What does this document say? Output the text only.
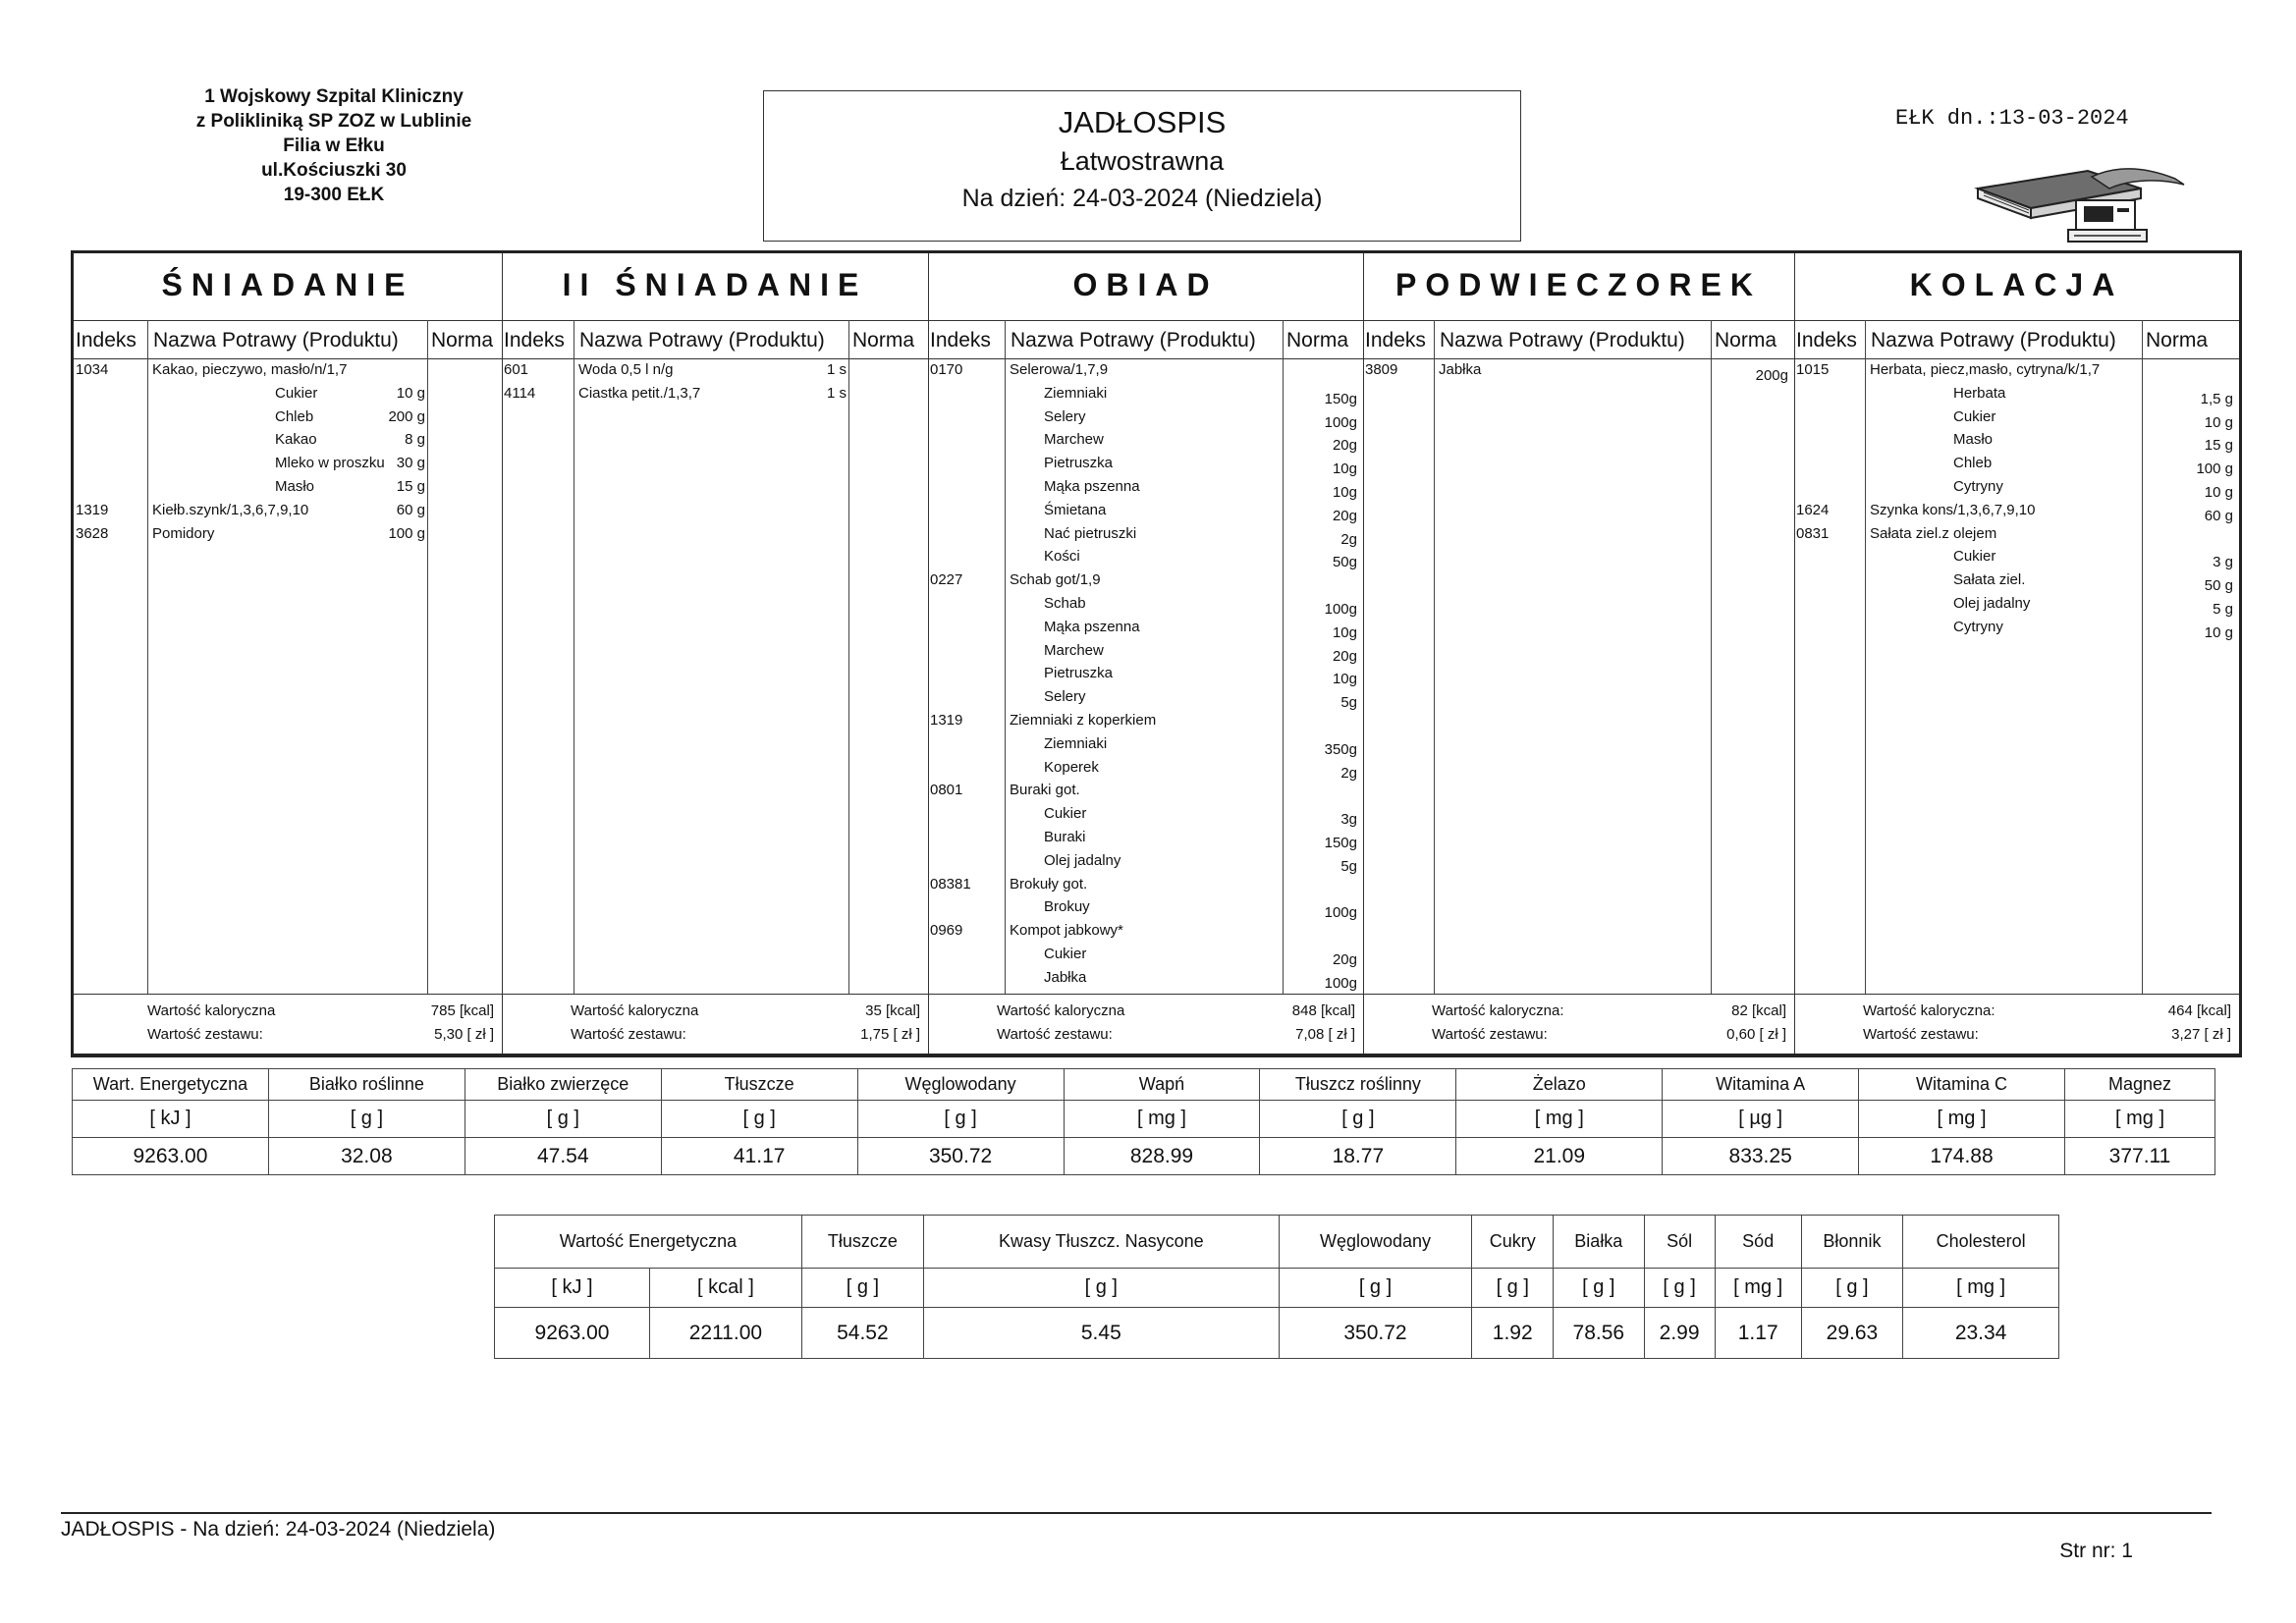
1 Wojskowy Szpital Kliniczny
z Polikliniką SP ZOZ w Lublinie
Filia w Ełku
ul.Kościuszki 30
19-300 EŁK
JADŁOSPIS
Łatwostrawna
Na dzień: 24-03-2024 (Niedziela)
EŁK dn.:13-03-2024
ŚNIADANIE
Indeks Nazwa Potrawy (Produktu) Norma
1034	Kakao, pieczywo, masło/n/1,7
Cukier	10 g
Chleb	200 g
Kakao	8 g
Mleko w proszku 30 g
Masło	15 g
1319	Kiełb.szynk/1,3,6,7,9,10	60 g
3628	Pomidory	100 g
Wartość kaloryczna	785 [kcal]
Wartość zestawu:	5,30 [ zł ]
II ŚNIADANIE
Indeks Nazwa Potrawy (Produktu) Norma
601	Woda 0,5 l n/g	1 s
4114	Ciastka petit./1,3,7	1 s
Wartość kaloryczna	35 [kcal]
Wartość zestawu:	1,75 [ zł ]
OBIAD
Indeks Nazwa Potrawy (Produktu) Norma
0170	Selerowa/1,7,9
Ziemniaki	150g
Selery	100g
Marchew	20g
Pietruszka	10g
Mąka pszenna	10g
Śmietana	20g
Nać pietruszki	2g
Kości	50g
0227	Schab got/1,9
Schab	100g
Mąka pszenna	10g
Marchew	20g
Pietruszka	10g
Selery	5g
1319	Ziemniaki z koperkiem
Ziemniaki	350g
Koperek	2g
0801	Buraki got.
Cukier	3g
Buraki	150g
Olej jadalny	5g
08381	Brokuły got.
Brokuy	100g
0969	Kompot jabkowy*
Cukier	20g
Jabłka	100g
Wartość kaloryczna	848 [kcal]
Wartość zestawu:	7,08 [ zł ]
PODWIECZOREK
Indeks Nazwa Potrawy (Produktu) Norma
3809	Jabłka	200g
Wartość kaloryczna:	82 [kcal]
Wartość zestawu:	0,60 [ zł ]
KOLACJA
Indeks Nazwa Potrawy (Produktu) Norma
1015	Herbata, piecz,masło, cytryna/k/1,7
Herbata	1,5 g
Cukier	10 g
Masło	15 g
Chleb	100 g
Cytryny	10 g
1624	Szynka kons/1,3,6,7,9,10	60 g
0831	Sałata ziel.z olejem
Cukier	3 g
Sałata ziel.	50 g
Olej jadalny	5 g
Cytryny	10 g
Wartość kaloryczna:	464 [kcal]
Wartość zestawu:	3,27 [ zł ]
Wart. Energetyczna	Białko roślinne	Białko zwierzęce	Tłuszcze	Węglowodany	Wapń	Tłuszcz roślinny	Żelazo	Witamina A	Witamina C	Magnez
[ kJ ]	[ g ]	[ g ]	[ g ]	[ g ]	[ mg ]	[ g ]	[ mg ]	[ µg ]	[ mg ]	[ mg ]
9263.00	32.08	47.54	41.17	350.72	828.99	18.77	21.09	833.25	174.88	377.11
Wartość Energetyczna		Tłuszcze	Kwasy Tłuszcz. Nasycone	Węglowodany	Cukry	Białka	Sól	Sód	Błonnik	Cholesterol
[ kJ ]	[ kcal ]	[ g ]	[ g ]	[ g ]	[ g ]	[ g ]	[ g ]	[ mg ]	[ g ]	[ mg ]
9263.00	2211.00	54.52	5.45	350.72	1.92	78.56	2.99	1.17	29.63	23.34
JADŁOSPIS - Na dzień: 24-03-2024 (Niedziela)
Str nr: 1
